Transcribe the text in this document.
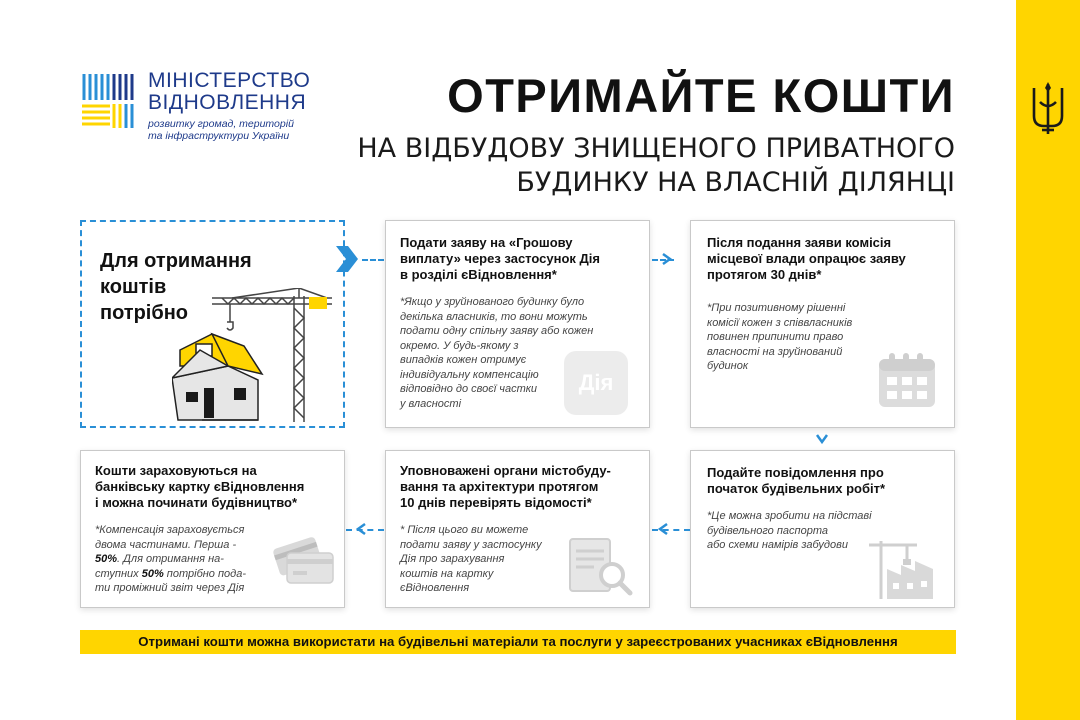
МІНІСТЕРСТВО
ВІДНОВЛЕННЯ
розвитку громад, територій
та інфраструктури України
ОТРИМАЙТЕ КОШТИ
НА ВІДБУДОВУ ЗНИЩЕНОГО ПРИВАТНОГО
БУДИНКУ НА ВЛАСНІЙ ДІЛЯНЦІ
Для отримання
коштів
потрібно
Подати заяву на «Грошову
виплату» через застосунок Дія
в розділі єВідновлення*
*Якщо у зруйнованого будинку було
декілька власників, то вони можуть
подати одну спільну заяву або кожен
окремо. У будь-якому з
випадків кожен отримує
індивідуальну компенсацію
відповідно до своєї частки
у власності
Дія
Після подання заяви комісія
місцевої влади опрацює заяву
протягом 30 днів*
*При позитивному рішенні
комісії кожен з співвласників
повинен припинити право
власності на зруйнований
будинок
Подайте повідомлення про
початок будівельних робіт*
*Це можна зробити на підставі
будівельного паспорта
або схеми намірів забудови
Уповноважені органи містобуду-
вання та архітектури протягом
10 днів перевірять відомості*
* Після цього ви можете
подати заяву у застосунку
Дія про зарахування
коштів на картку
єВідновлення
Кошти зараховуються на
банківську картку єВідновлення
і можна починати будівництво*
*Компенсація зараховується
двома частинами. Перша -
50%. Для отримання на-
ступних 50% потрібно пода-
ти проміжний звіт через Дія
Отримані кошти можна використати на будівельні матеріали та послуги у зареєстрованих учасниках єВідновлення
